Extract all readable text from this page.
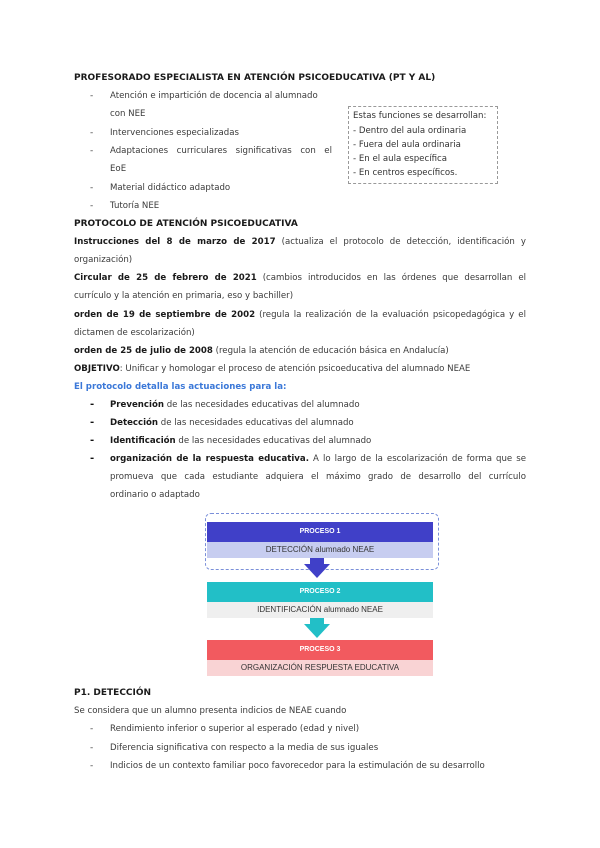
PROFESORADO ESPECIALISTA EN ATENCIÓN PSICOEDUCATIVA (PT Y AL)
- Atención e impartición de docencia al alumnado
con NEE
- Intervenciones especializadas
- Adaptaciones curriculares significativas con el
EoE
- Material didáctico adaptado
- Tutoría NEE
Estas funciones se desarrollan:
- Dentro del aula ordinaria
- Fuera del aula ordinaria
- En el aula específica
- En centros específicos.
PROTOCOLO DE ATENCIÓN PSICOEDUCATIVA
Instrucciones del 8 de marzo de 2017 (actualiza el protocolo de detección, identificación y
organización)
Circular de 25 de febrero de 2021 (cambios introducidos en las órdenes que desarrollan el
currículo y la atención en primaria, eso y bachiller)
orden de 19 de septiembre de 2002 (regula la realización de la evaluación psicopedagógica y el
dictamen de escolarización)
orden de 25 de julio de 2008 (regula la atención de educación básica en Andalucía)
OBJETIVO: Unificar y homologar el proceso de atención psicoeducativa del alumnado NEAE
El protocolo detalla las actuaciones para la:
- Prevención de las necesidades educativas del alumnado
- Detección de las necesidades educativas del alumnado
- Identificación de las necesidades educativas del alumnado
- organización de la respuesta educativa. A lo largo de la escolarización de forma que se
promueva que cada estudiante adquiera el máximo grado de desarrollo del currículo
ordinario o adaptado
PROCESO 1
DETECCIÓN alumnado NEAE
PROCESO 2
IDENTIFICACIÓN alumnado NEAE
PROCESO 3
ORGANIZACIÓN RESPUESTA EDUCATIVA
P1. DETECCIÓN
Se considera que un alumno presenta indicios de NEAE cuando
- Rendimiento inferior o superior al esperado (edad y nivel)
- Diferencia significativa con respecto a la media de sus iguales
- Indicios de un contexto familiar poco favorecedor para la estimulación de su desarrollo
